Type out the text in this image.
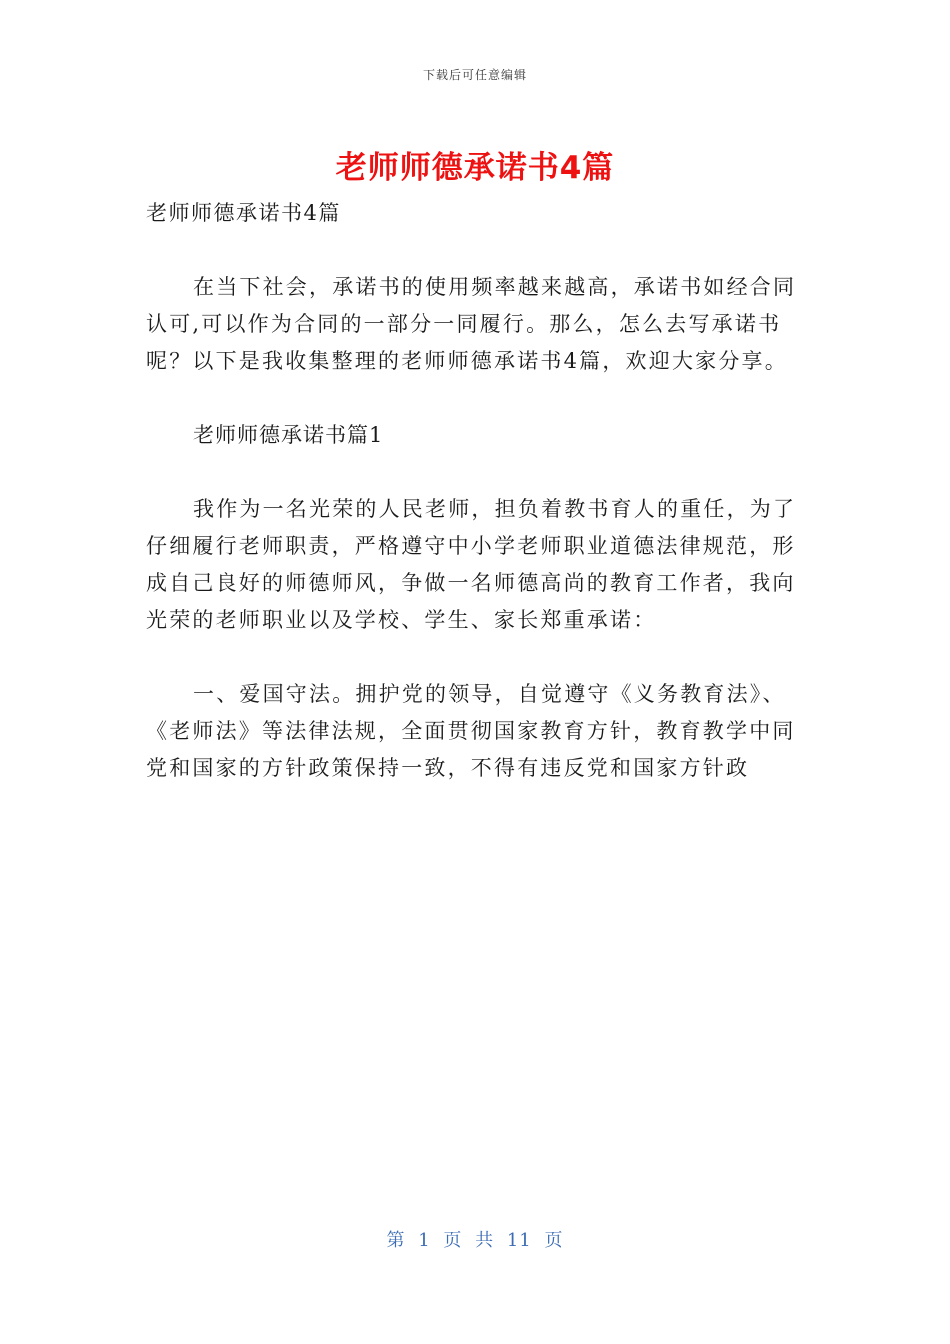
下载后可任意编辑
老师师德承诺书4篇

老师师德承诺书4篇

在当下社会，承诺书的使用频率越来越高，承诺书如经合同认可,可以作为合同的一部分一同履行。那么，怎么去写承诺书呢？以下是我收集整理的老师师德承诺书4篇，欢迎大家分享。

老师师德承诺书篇1

我作为一名光荣的人民老师，担负着教书育人的重任，为了仔细履行老师职责，严格遵守中小学老师职业道德法律规范，形成自己良好的师德师风，争做一名师德高尚的教育工作者，我向光荣的老师职业以及学校、学生、家长郑重承诺：

一、爱国守法。拥护党的领导，自觉遵守《义务教育法》、《老师法》等法律法规，全面贯彻国家教育方针，教育教学中同党和国家的方针政策保持一致，不得有违反党和国家方针政

第 1 页 共 11 页
